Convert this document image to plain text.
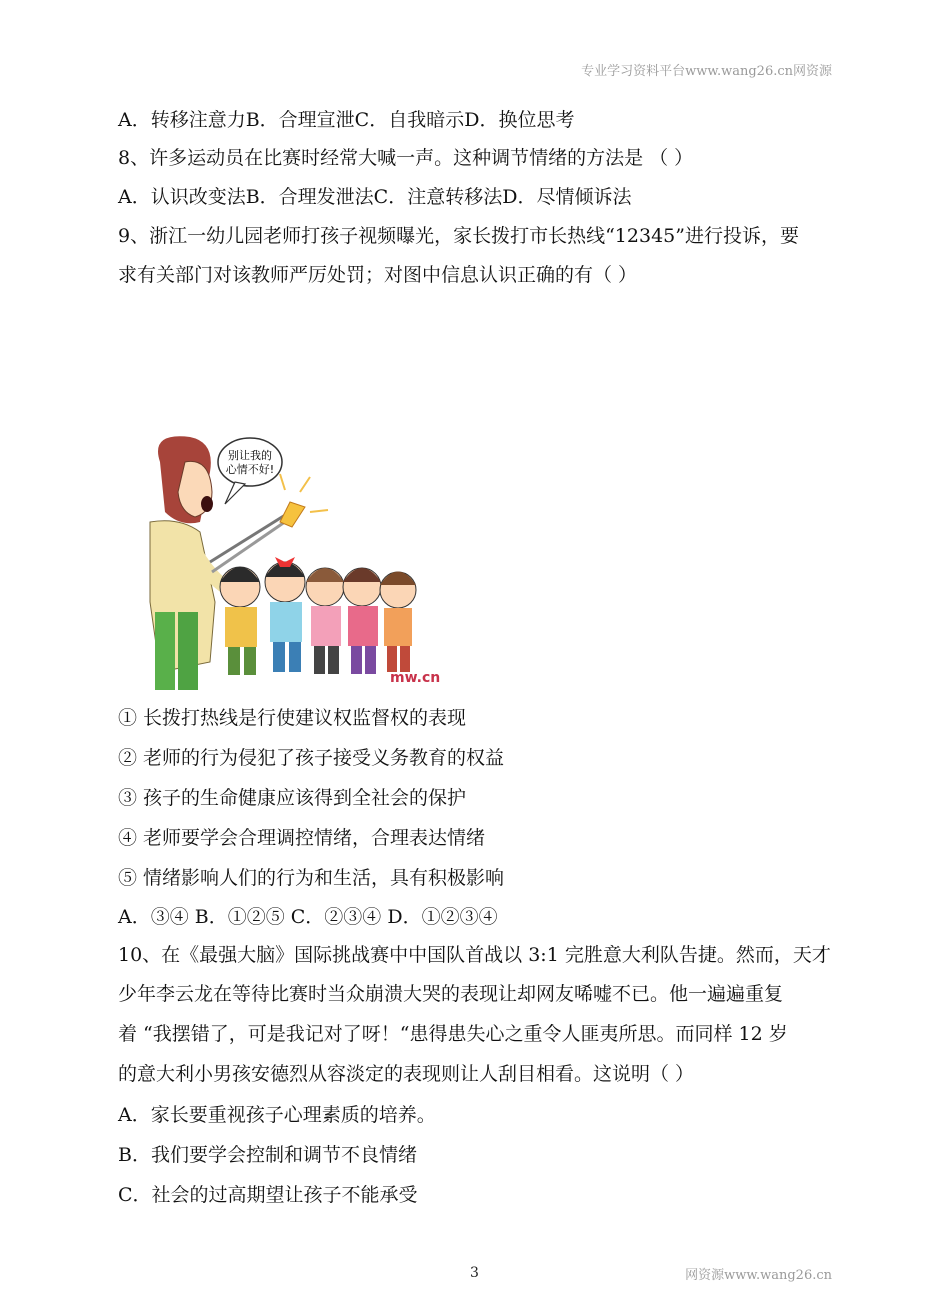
专业学习资料平台www.wang26.cn网资源
A．转移注意力B．合理宣泄C．自我暗示D．换位思考
8、许多运动员在比赛时经常大喊一声。这种调节情绪的方法是 （ ）
A．认识改变法B．合理发泄法C．注意转移法D．尽情倾诉法
9、浙江一幼儿园老师打孩子视频曝光，家长拨打市长热线“12345”进行投诉，要
求有关部门对该教师严厉处罚；对图中信息认识正确的有（ ）
别让我的
心情不好!
mw.cn
① 长拨打热线是行使建议权监督权的表现
② 老师的行为侵犯了孩子接受义务教育的权益
③ 孩子的生命健康应该得到全社会的保护
④ 老师要学会合理调控情绪，合理表达情绪
⑤ 情绪影响人们的行为和生活，具有积极影响
A．③④ B．①②⑤ C．②③④ D．①②③④
10、在《最强大脑》国际挑战赛中中国队首战以 3:1 完胜意大利队告捷。然而，天才
少年李云龙在等待比赛时当众崩溃大哭的表现让却网友唏嘘不已。他一遍遍重复
着 “我摆错了，可是我记对了呀！“患得患失心之重令人匪夷所思。而同样 12 岁
的意大利小男孩安德烈从容淡定的表现则让人刮目相看。这说明（ ）
A．家长要重视孩子心理素质的培养。
B．我们要学会控制和调节不良情绪
C．社会的过高期望让孩子不能承受
3	网资源www.wang26.cn
